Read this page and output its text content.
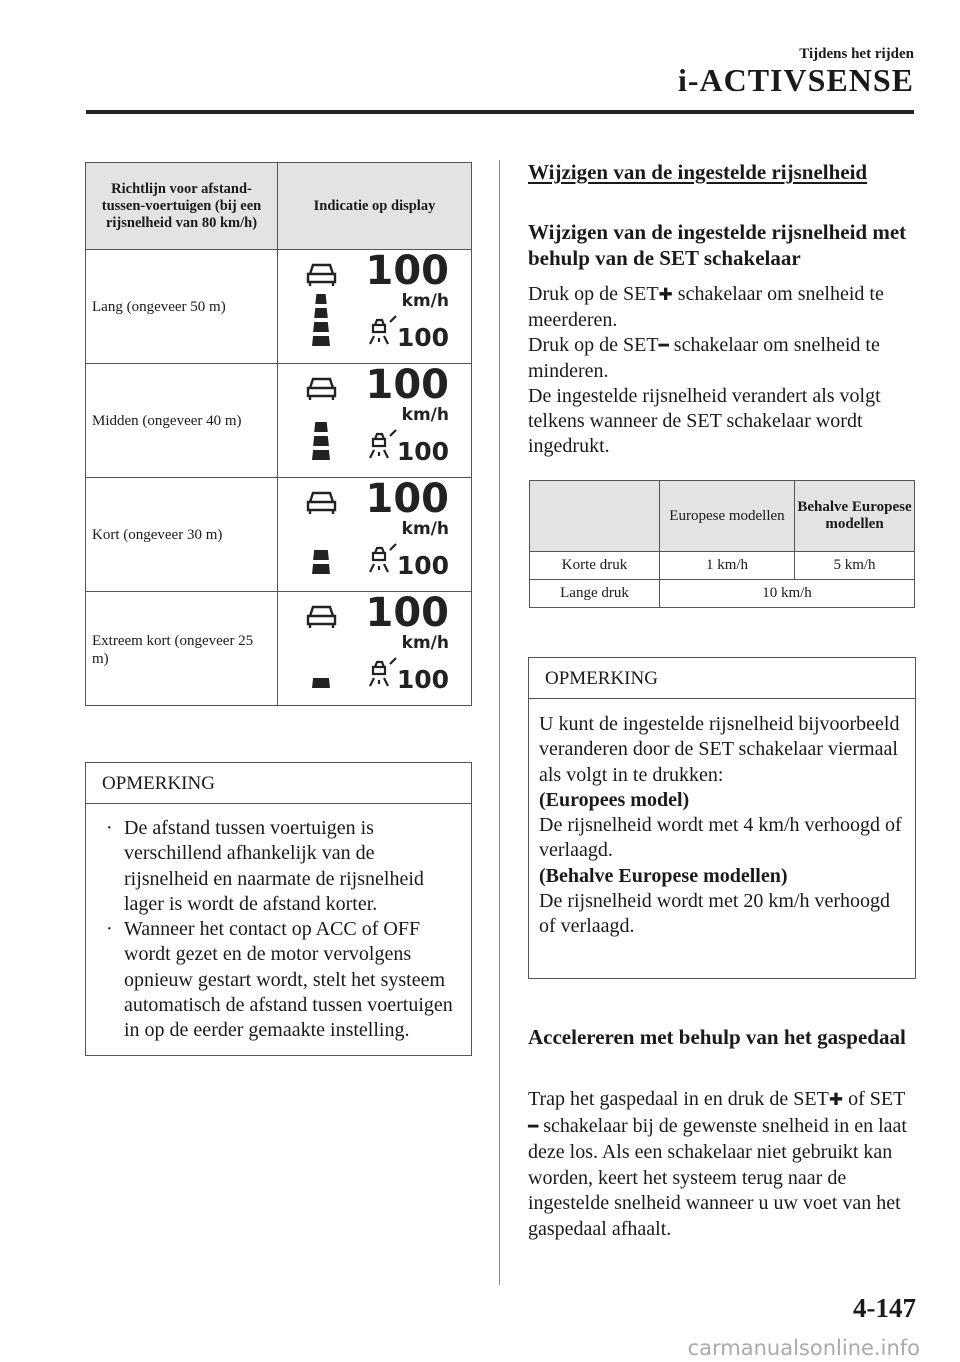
Tijdens het rijden
i-ACTIVSENSE
Richtlijn voor afstand-tussen-voertuigen (bij een rijsnelheid van 80 km/h)	Indicatie op display
Lang (ongeveer 50 m)	100
km/h
100

Midden (ongeveer 40 m)	100
km/h
100

Kort (ongeveer 30 m)	100
km/h
100

Extreem kort (ongeveer 25 m)	100
km/h
100
OPMERKING
· De afstand tussen voertuigen is verschillend afhankelijk van de rijsnelheid en naarmate de rijsnelheid lager is wordt de afstand korter.
· Wanneer het contact op ACC of OFF wordt gezet en de motor vervolgens opnieuw gestart wordt, stelt het systeem automatisch de afstand tussen voertuigen in op de eerder gemaakte instelling.
Wijzigen van de ingestelde rijsnelheid
Wijzigen van de ingestelde rijsnelheid met behulp van de SET schakelaar
Druk op de SET✚ schakelaar om snelheid te meerderen.
Druk op de SET━ schakelaar om snelheid te minderen.
De ingestelde rijsnelheid verandert als volgt telkens wanneer de SET schakelaar wordt ingedrukt.
	Europese modellen	Behalve Europese modellen
Korte druk	1 km/h	5 km/h
Lange druk	10 km/h	
OPMERKING
U kunt de ingestelde rijsnelheid bijvoorbeeld veranderen door de SET schakelaar viermaal als volgt in te drukken:
(Europees model)
De rijsnelheid wordt met 4 km/h verhoogd of verlaagd.
(Behalve Europese modellen)
De rijsnelheid wordt met 20 km/h verhoogd of verlaagd.
Accelereren met behulp van het gaspedaal
Trap het gaspedaal in en druk de SET✚ of SET━ schakelaar bij de gewenste snelheid in en laat deze los. Als een schakelaar niet gebruikt kan worden, keert het systeem terug naar de ingestelde snelheid wanneer u uw voet van het gaspedaal afhaalt.
4-147
carmanualsonline.info
